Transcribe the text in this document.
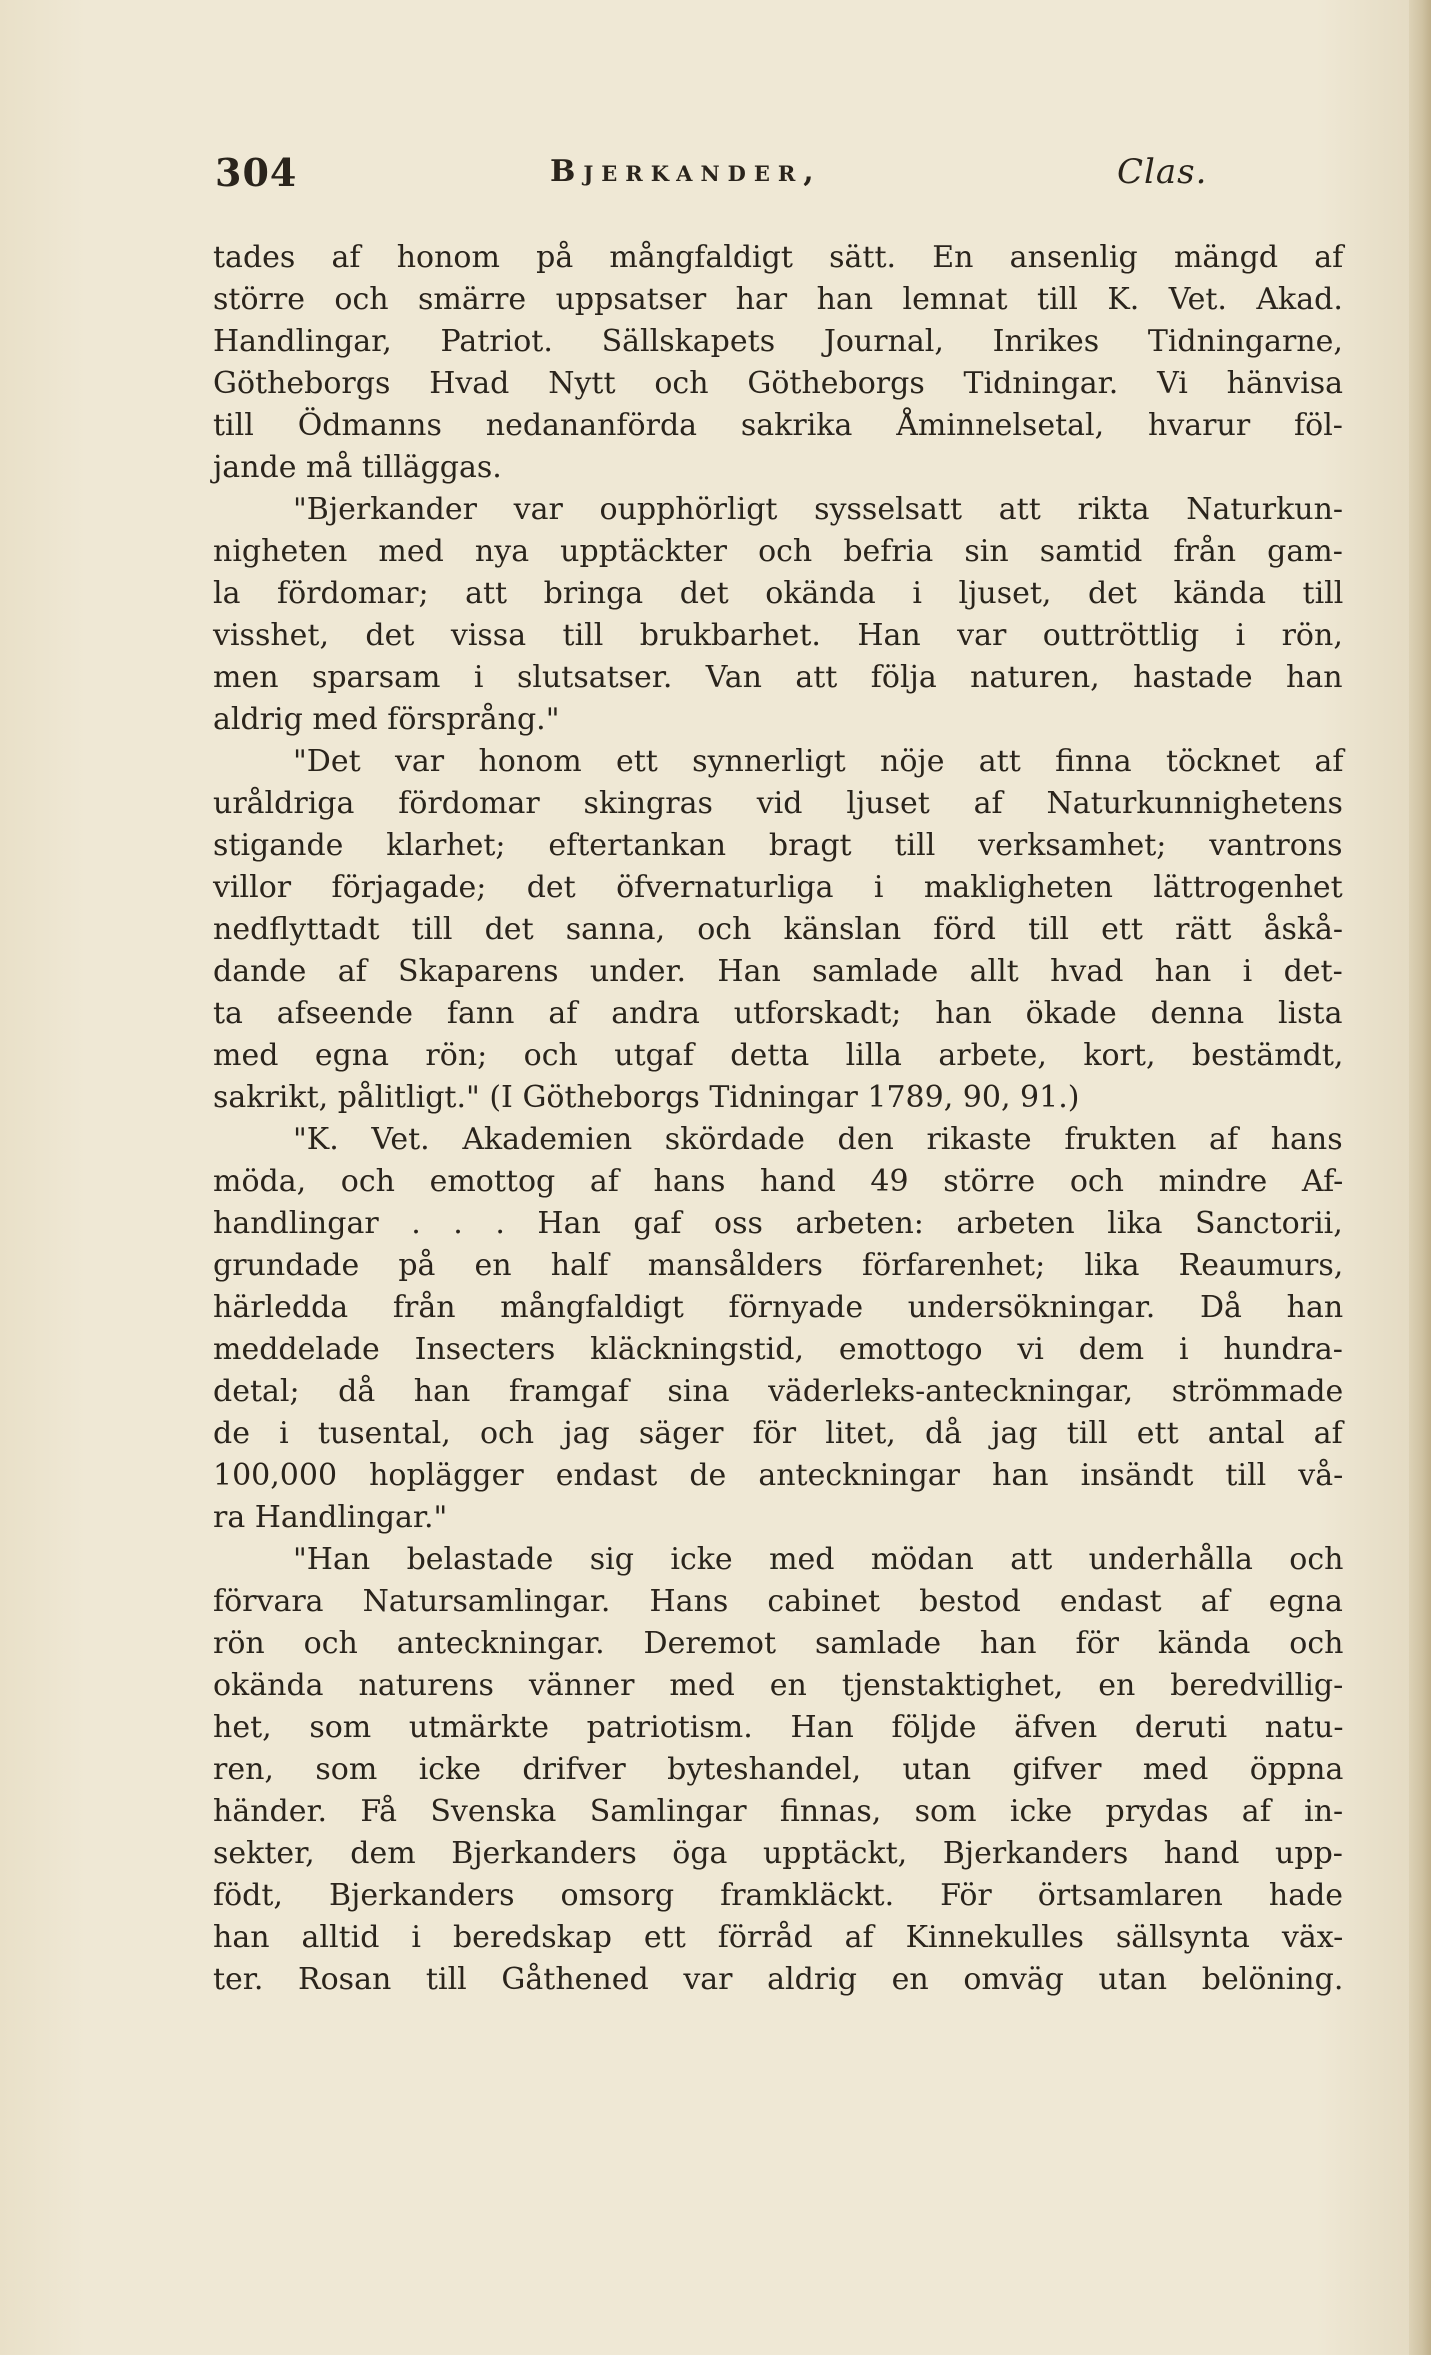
304	Bjerkander,	Clas.
tades af honom på mångfaldigt sätt. En ansenlig mängd af
större och smärre uppsatser har han lemnat till K. Vet. Akad.
Handlingar, Patriot. Sällskapets Journal, Inrikes Tidningarne,
Götheborgs Hvad Nytt och Götheborgs Tidningar. Vi hänvisa
till Ödmanns nedananförda sakrika Åminnelsetal, hvarur föl-
jande må tilläggas.
"Bjerkander var oupphörligt sysselsatt att rikta Naturkun-
nigheten med nya upptäckter och befria sin samtid från gam-
la fördomar; att bringa det okända i ljuset, det kända till
visshet, det vissa till brukbarhet. Han var outtröttlig i rön,
men sparsam i slutsatser. Van att följa naturen, hastade han
aldrig med försprång."
"Det var honom ett synnerligt nöje att finna töcknet af
uråldriga fördomar skingras vid ljuset af Naturkunnighetens
stigande klarhet; eftertankan bragt till verksamhet; vantrons
villor förjagade; det öfvernaturliga i makligheten lättrogenhet
nedflyttadt till det sanna, och känslan förd till ett rätt åskå-
dande af Skaparens under. Han samlade allt hvad han i det-
ta afseende fann af andra utforskadt; han ökade denna lista
med egna rön; och utgaf detta lilla arbete, kort, bestämdt,
sakrikt, pålitligt." (I Götheborgs Tidningar 1789, 90, 91.)
"K. Vet. Akademien skördade den rikaste frukten af hans
möda, och emottog af hans hand 49 större och mindre Af-
handlingar . . . Han gaf oss arbeten: arbeten lika Sanctorii,
grundade på en half mansålders förfarenhet; lika Reaumurs,
härledda från mångfaldigt förnyade undersökningar. Då han
meddelade Insecters kläckningstid, emottogo vi dem i hundra-
detal; då han framgaf sina väderleks-anteckningar, strömmade
de i tusental, och jag säger för litet, då jag till ett antal af
100,000 hoplägger endast de anteckningar han insändt till vå-
ra Handlingar."
"Han belastade sig icke med mödan att underhålla och
förvara Natursamlingar. Hans cabinet bestod endast af egna
rön och anteckningar. Deremot samlade han för kända och
okända naturens vänner med en tjenstaktighet, en beredvillig-
het, som utmärkte patriotism. Han följde äfven deruti natu-
ren, som icke drifver byteshandel, utan gifver med öppna
händer. Få Svenska Samlingar finnas, som icke prydas af in-
sekter, dem Bjerkanders öga upptäckt, Bjerkanders hand upp-
födt, Bjerkanders omsorg framkläckt. För örtsamlaren hade
han alltid i beredskap ett förråd af Kinnekulles sällsynta väx-
ter. Rosan till Gåthened var aldrig en omväg utan belöning.
